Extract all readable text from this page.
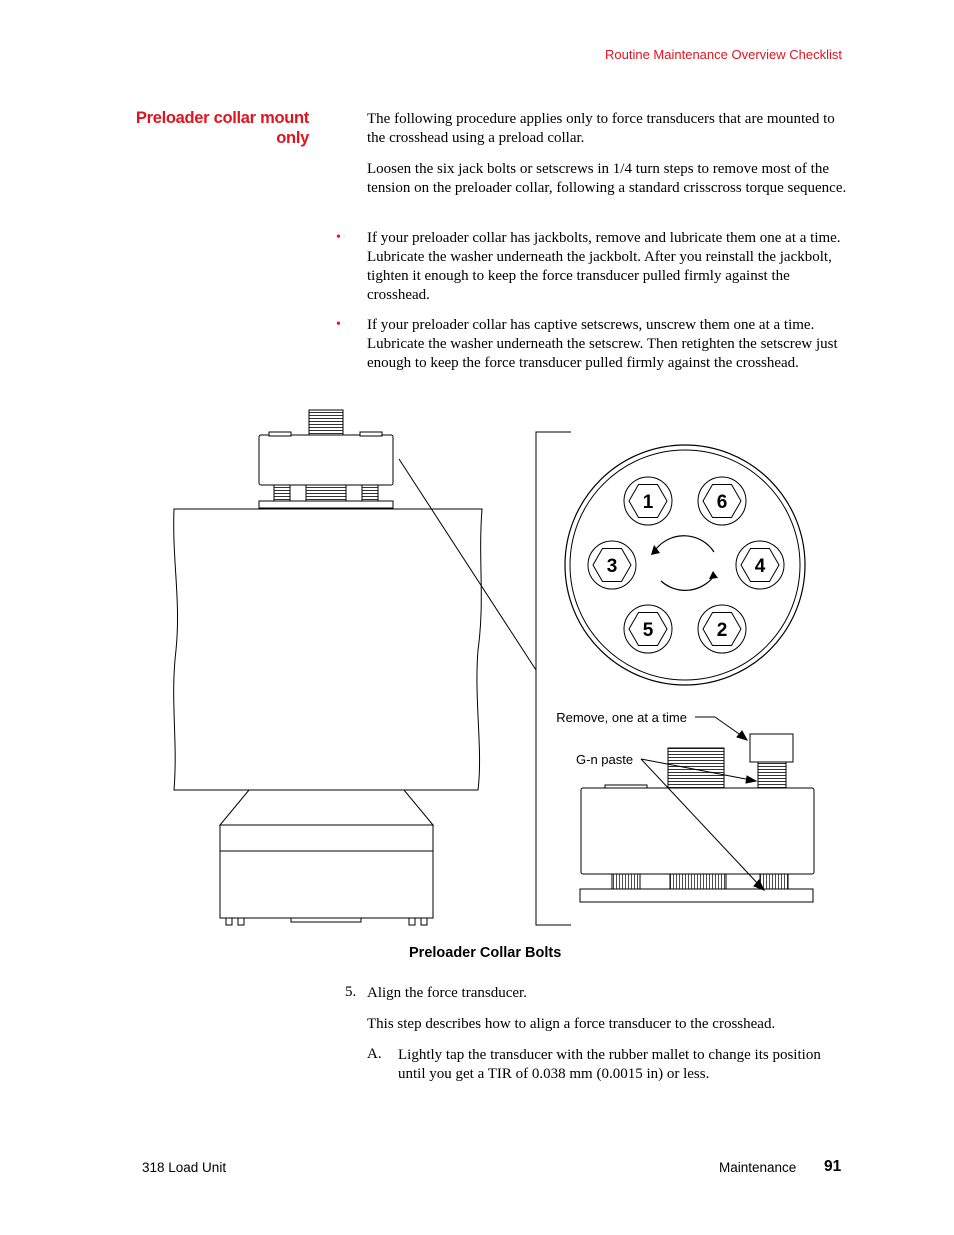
Routine Maintenance Overview Checklist
Preloader collar mount
only
The following procedure applies only to force transducers that are mounted to the crosshead using a preload collar.
Loosen the six jack bolts or setscrews in 1/4 turn steps to remove most of the tension on the preloader collar, following a standard crisscross torque sequence.
• If your preloader collar has jackbolts, remove and lubricate them one at a time. Lubricate the washer underneath the jackbolt. After you reinstall the jackbolt, tighten it enough to keep the force transducer pulled firmly against the crosshead.
• If your preloader collar has captive setscrews, unscrew them one at a time. Lubricate the washer underneath the setscrew. Then retighten the setscrew just enough to keep the force transducer pulled firmly against the crosshead.
1	6
3	4
5	2
Remove, one at a time
G-n paste
Preloader Collar Bolts
5. Align the force transducer.
This step describes how to align a force transducer to the crosshead.
A. Lightly tap the transducer with the rubber mallet to change its position until you get a TIR of 0.038 mm (0.0015 in) or less.
318 Load Unit	Maintenance 91
